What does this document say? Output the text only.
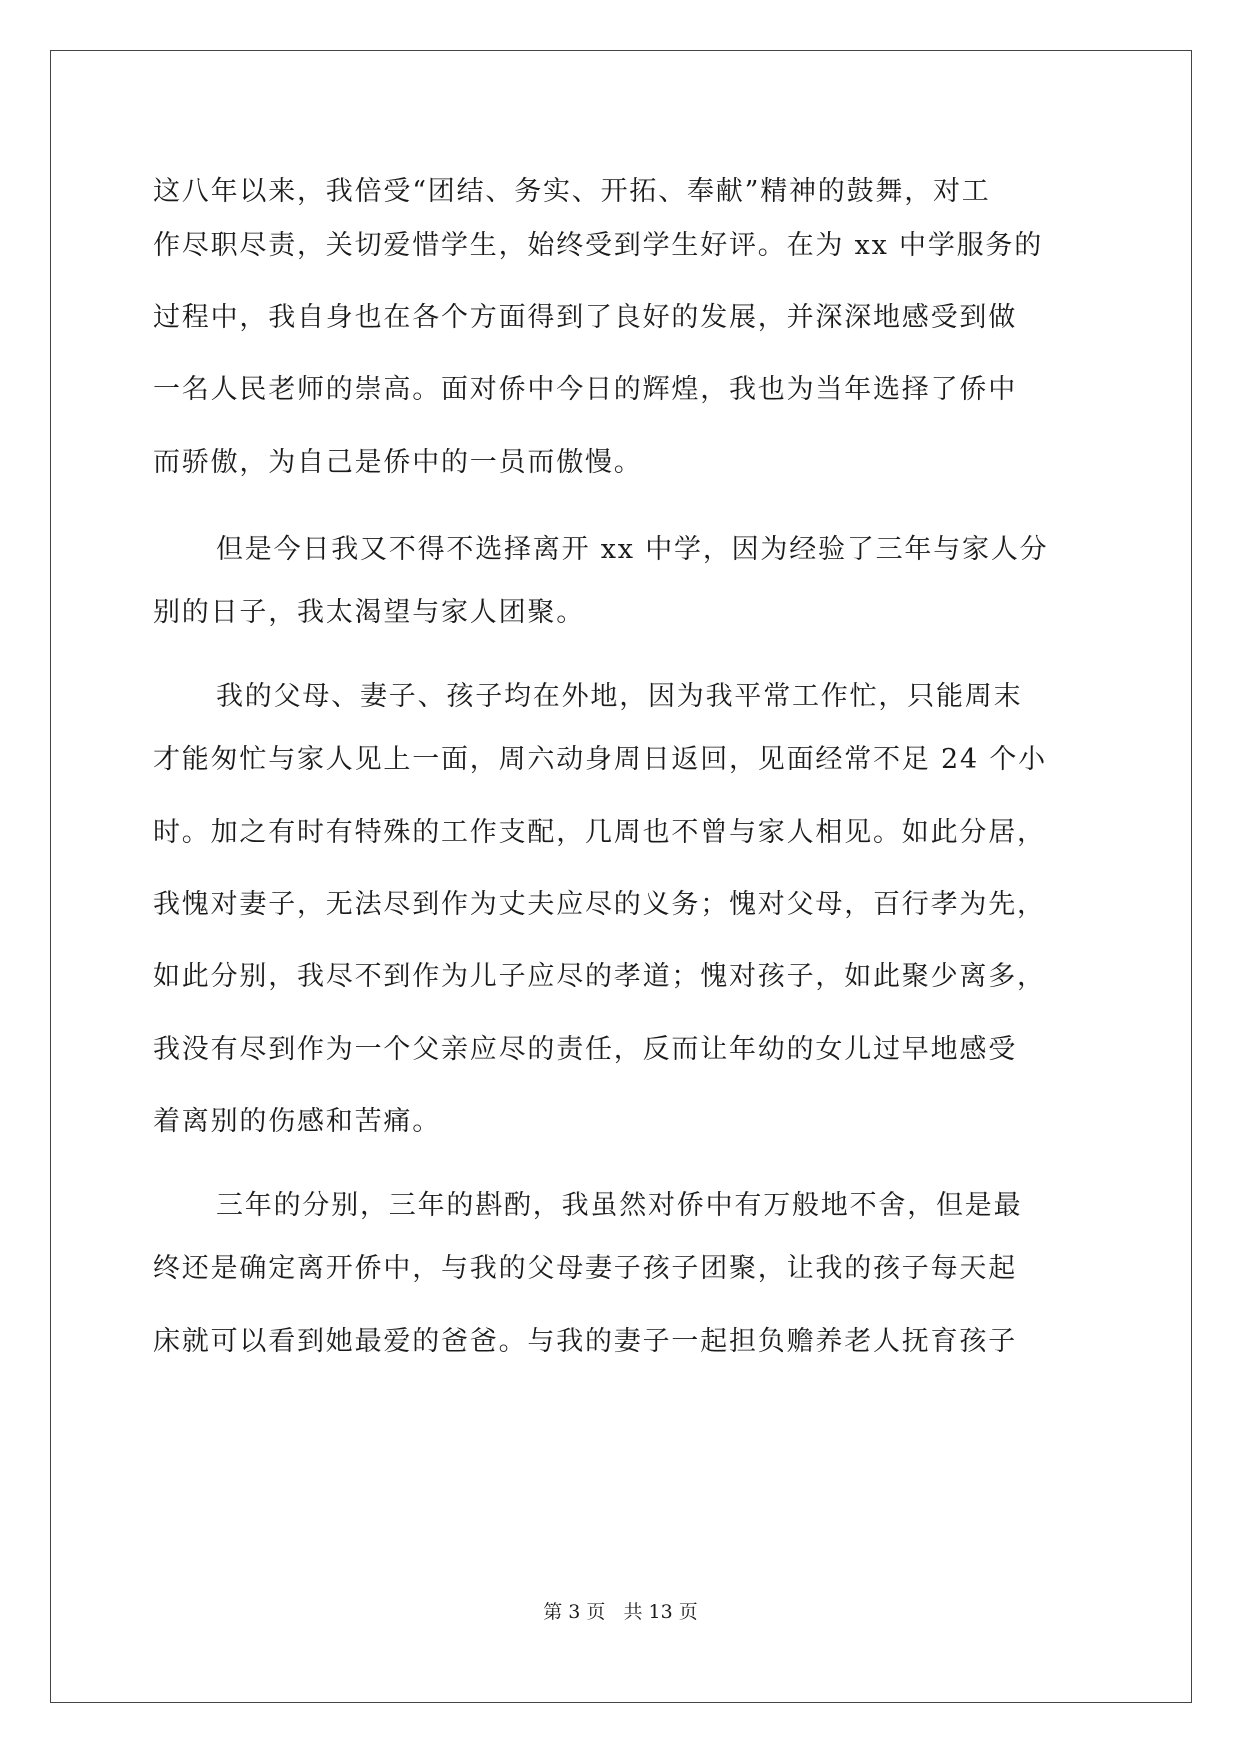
这八年以来，我倍受“团结、务实、开拓、奉献”精神的鼓舞，对工
作尽职尽责，关切爱惜学生，始终受到学生好评。在为 xx 中学服务的
过程中，我自身也在各个方面得到了良好的发展，并深深地感受到做
一名人民老师的崇高。面对侨中今日的辉煌，我也为当年选择了侨中
而骄傲，为自己是侨中的一员而傲慢。
但是今日我又不得不选择离开 xx 中学，因为经验了三年与家人分
别的日子，我太渴望与家人团聚。
我的父母、妻子、孩子均在外地，因为我平常工作忙，只能周末
才能匆忙与家人见上一面，周六动身周日返回，见面经常不足 24 个小
时。加之有时有特殊的工作支配，几周也不曾与家人相见。如此分居，
我愧对妻子，无法尽到作为丈夫应尽的义务；愧对父母，百行孝为先，
如此分别，我尽不到作为儿子应尽的孝道；愧对孩子，如此聚少离多，
我没有尽到作为一个父亲应尽的责任，反而让年幼的女儿过早地感受
着离别的伤感和苦痛。
三年的分别，三年的斟酌，我虽然对侨中有万般地不舍，但是最
终还是确定离开侨中，与我的父母妻子孩子团聚，让我的孩子每天起
床就可以看到她最爱的爸爸。与我的妻子一起担负赡养老人抚育孩子
第 3 页   共 13 页
